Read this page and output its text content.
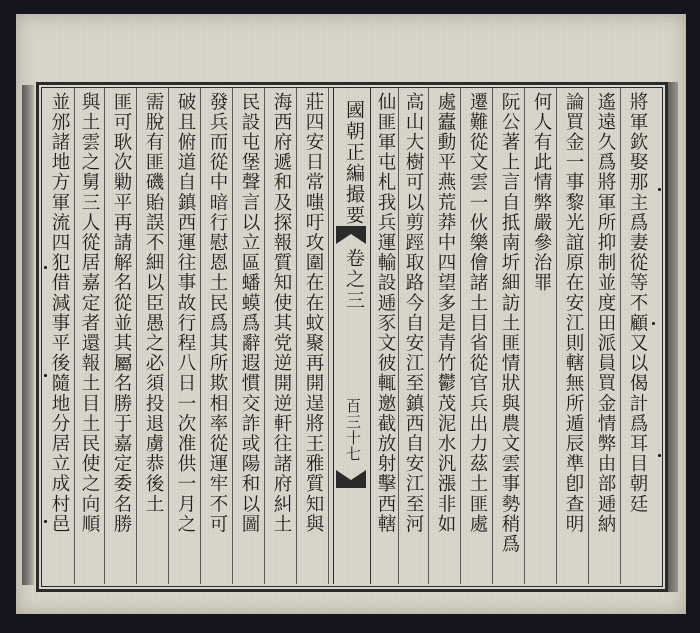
國朝正編撮要
卷之三
百三十七	將軍欽娶那主爲妻從等不顧又以偈計爲耳目朝廷
遙遠久爲將軍所抑制並度田派員買金情弊由部逓納
論買金一事黎光誼原在安江則轄無所遁辰準卽查明
何人有此情弊嚴參治罪
阮公著上言自抵南圻細訪土匪情狀與農文雲事勢稍爲
遷難從文雲一伙樂儈諸土目省從官兵出力茲土匪處
處蠹動平燕荒莽中四望多是青竹鬱茂泥水汎漲非如
高山大樹可以剪踁取路今自安江至鎮西自安江至河
仙匪軍屯札我兵運輸設逓豕文彼輒邀截放射擊西轄
莊四安日常嗤吁攻圍在在蚊聚再開逞將王雅質知與
海西府遞和及探報質知使其党逆開逆軒往諸府糾土
民設屯堡聲言以立區蟠蟆爲辭遐慣交詐或陽和以圖
發兵而從中暗行慰恩土民爲其所欺相率從運牢不可
破且俯道自鎮西運往事故行程八日一次准供一月之
需脫有匪磯貽誤不細以臣愚之必須投退虜恭後土
匪可耿次勦平再請解名從並其屬名勝于嘉定委名勝
與土雲之舅三人從居嘉定者還報土目土民使之向順
並邠諸地方軍流四犯借減事平後隨地分居立成村邑
